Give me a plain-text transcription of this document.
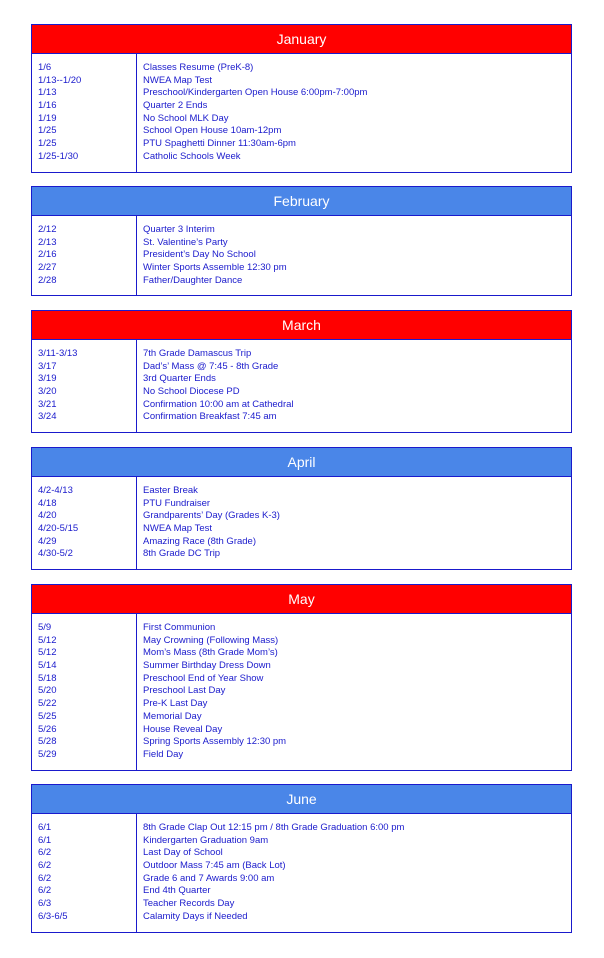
January
1/6
1/13--1/20
1/13
1/16
1/19
1/25
1/25
1/25-1/30
Classes Resume (PreK-8)
NWEA Map Test
Preschool/Kindergarten Open House 6:00pm-7:00pm
Quarter 2 Ends
No School MLK Day
School Open House 10am-12pm
PTU Spaghetti Dinner 11:30am-6pm
Catholic Schools Week
February
2/12
2/13
2/16
2/27
2/28
Quarter 3 Interim
St. Valentine’s Party
President’s Day No School
Winter Sports Assemble 12:30 pm
Father/Daughter Dance
March
3/11-3/13
3/17
3/19
3/20
3/21
3/24
7th Grade Damascus Trip
Dad’s’ Mass @ 7:45 - 8th Grade
3rd Quarter Ends
No School Diocese PD
Confirmation 10:00 am at Cathedral
Confirmation Breakfast 7:45 am
April
4/2-4/13
4/18
4/20
4/20-5/15
4/29
4/30-5/2
Easter Break
PTU Fundraiser
Grandparents’ Day (Grades K-3)
NWEA Map Test
Amazing Race (8th Grade)
8th Grade DC Trip
May
5/9
5/12
5/12
5/14
5/18
5/20
5/22
5/25
5/26
5/28
5/29
First Communion
May Crowning (Following Mass)
Mom’s Mass (8th Grade Mom’s)
Summer Birthday Dress Down
Preschool End of Year Show
Preschool Last Day
Pre-K Last Day
Memorial Day
House Reveal Day
Spring Sports Assembly 12:30 pm
Field Day
June
6/1
6/1
6/2
6/2
6/2
6/2
6/3
6/3-6/5
8th Grade Clap Out 12:15 pm / 8th Grade Graduation 6:00 pm
Kindergarten Graduation 9am
Last Day of School
Outdoor Mass 7:45 am (Back Lot)
Grade 6 and 7 Awards 9:00 am
End 4th Quarter
Teacher Records Day
Calamity Days if Needed
